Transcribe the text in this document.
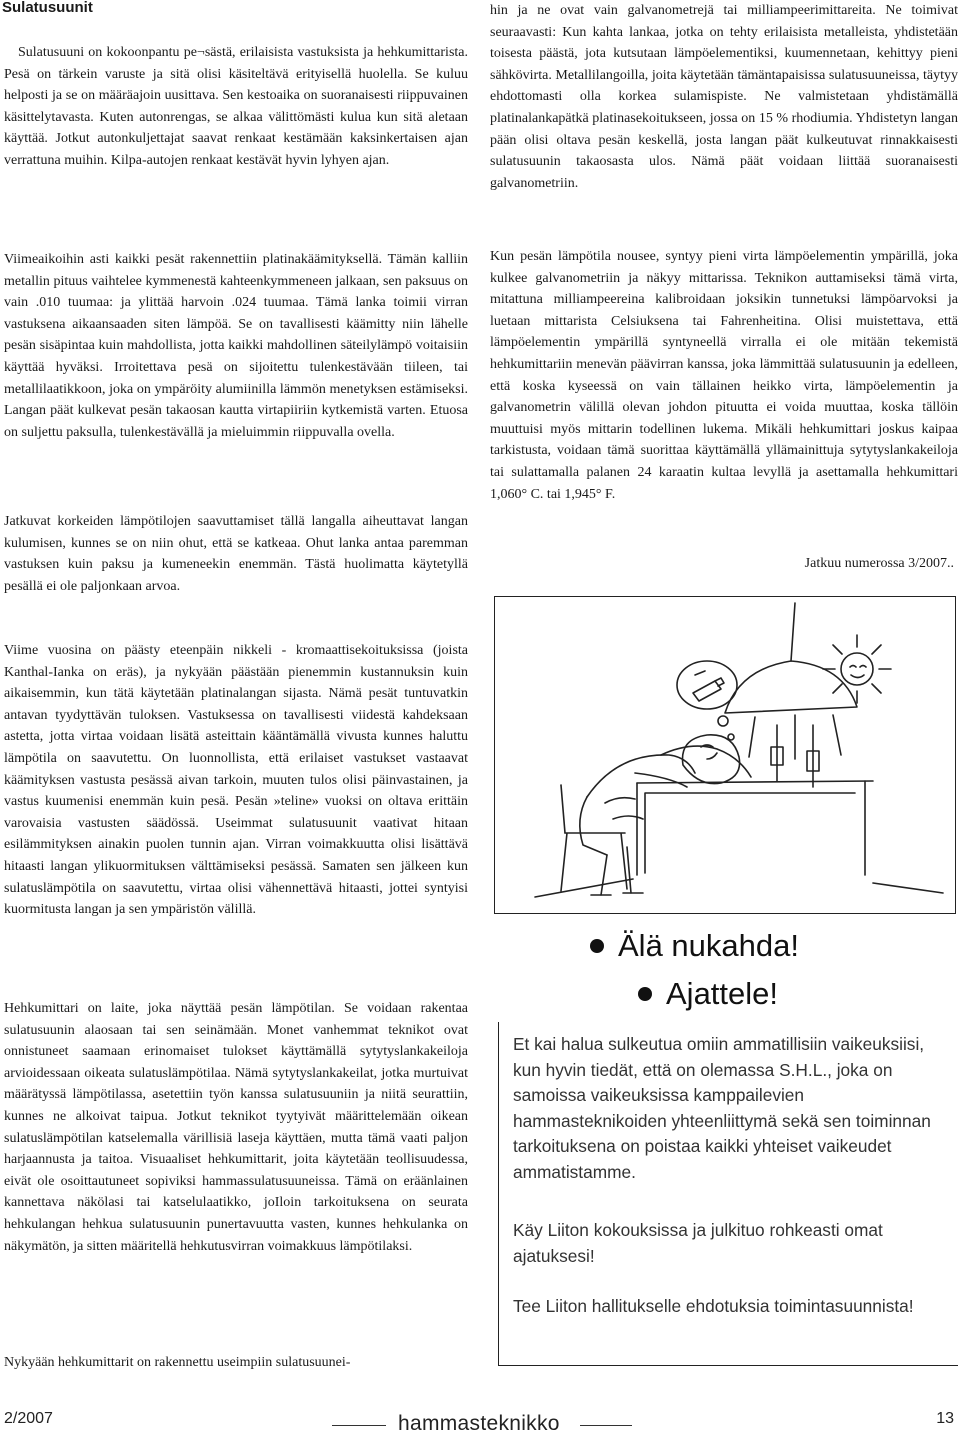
Sulatusuunit

Sulatusuuni on kokoonpantu pe¬sästä, erilaisista vastuksista ja hehkumittarista. Pesä on tärkein varuste ja sitä olisi käsiteltävä erityisellä huolella. Se kuluu helposti ja se on määräajoin uusittava. Sen kestoaika on suoranaisesti riippuvainen käsittelytavasta. Kuten autonrengas, se alkaa välittömästi kulua kun sitä aletaan käyttää. Jotkut autonkuljettajat saavat renkaat kestämään kaksinkertaisen ajan verrattuna muihin. Kilpa-autojen renkaat kestävät hyvin lyhyen ajan.

Viimeaikoihin asti kaikki pesät rakennettiin platinakäämityksellä. Tämän kalliin metallin pituus vaihtelee kymmenestä kahteenkymmeneen jalkaan, sen paksuus on vain .010 tuumaa: ja ylittää harvoin .024 tuumaa. Tämä lanka toimii virran vastuksena aikaansaaden siten lämpöä. Se on tavallisesti käämitty niin lähelle pesän sisäpintaa kuin mahdollista, jotta kaikki mahdollinen säteilylämpö voitaisiin käyttää hyväksi. Irroitettava pesä on sijoitettu tulenkestävään tiileen, tai metallilaatikkoon, joka on ympäröity alumiinilla lämmön menetyksen estämiseksi. Langan päät kulkevat pesän takaosan kautta virtapiiriin kytkemistä varten. Etuosa on suljettu paksulla, tulenkestävällä ja mieluimmin riippuvalla ovella.

Jatkuvat korkeiden lämpötilojen saavuttamiset tällä langalla aiheuttavat langan kulumisen, kunnes se on niin ohut, että se katkeaa. Ohut lanka antaa paremman vastuksen kuin paksu ja kumeneekin enemmän. Tästä huolimatta käytetyllä pesällä ei ole paljonkaan arvoa.

Viime vuosina on päästy eteenpäin nikkeli - kromaattisekoituksissa (joista Kanthal-Ianka on eräs), ja nykyään päästään pienemmin kustannuksin kuin aikaisemmin, kun tätä käytetään platinalangan sijasta. Nämä pesät tuntuvatkin antavan tyydyttävän tuloksen. Vastuksessa on tavallisesti viidestä kahdeksaan astetta, jotta virtaa voidaan lisätä asteittain kääntämällä vivusta kunnes haluttu lämpötila on saavutettu. On luonnollista, että erilaiset vastukset vastaavat käämityksen vastusta pesässä aivan tarkoin, muuten tulos olisi päinvastainen, ja vastus kuumenisi enemmän kuin pesä. Pesän »teline» vuoksi on oltava erittäin varovaisia vastusten säädössä. Useimmat sulatusuunit vaativat hitaan esilämmityksen ainakin puolen tunnin ajan. Virran voimakkuutta olisi lisättävä hitaasti langan ylikuormituksen välttämiseksi pesässä. Samaten sen jälkeen kun sulatuslämpötila on saavutettu, virtaa olisi vähennettävä hitaasti, jottei syntyisi kuormitusta langan ja sen ympäristön välillä.

Hehkumittari on laite, joka näyttää pesän lämpötilan. Se voidaan rakentaa sulatusuunin alaosaan tai sen seinämään. Monet vanhemmat teknikot ovat onnistuneet saamaan erinomaiset tulokset käyttämällä sytytyslankakeiloja arvioidessaan oikeata sulatuslämpötilaa. Nämä sytytyslankakeilat, jotka murtuivat määrätyssä lämpötilassa, asetettiin työn kanssa sulatusuuniin ja niitä seurattiin, kunnes ne alkoivat taipua. Jotkut teknikot tyytyivät määrittelemään oikean sulatuslämpötilan katselemalla värillisiä laseja käyttäen, mutta tämä vaati paljon harjaannusta ja taitoa. Visuaaliset hehkumittarit, joita käytetään teollisuudessa, eivät ole osoittautuneet sopiviksi hammassulatusuuneissa. Tämä on eräänlainen kannettava näkölasi tai katselulaatikko, joIloin tarkoituksena on seurata hehkulangan hehkua sulatusuunin punertavuutta vasten, kunnes hehkulanka on näkymätön, ja sitten määritellä hehkutusvirran voimakkuus lämpötilaksi.

Nykyään hehkumittarit on rakennettu useimpiin sulatusuunei-

hin ja ne ovat vain galvanometrejä tai milliampeerimittareita. Ne toimivat seuraavasti: Kun kahta lankaa, jotka on tehty erilaisista metalleista, yhdistetään toisesta päästä, jota kutsutaan lämpöelementiksi, kuumennetaan, kehittyy pieni sähkövirta. Metallilangoilla, joita käytetään tämäntapaisissa sulatusuuneissa, täytyy ehdottomasti olla korkea sulamispiste. Ne valmistetaan yhdistämällä platinalankapätkä platinasekoitukseen, jossa on 15 % rhodiumia. Yhdistetyn langan pään olisi oltava pesän keskellä, josta langan päät kulkeutuvat rinnakkaisesti sulatusuunin takaosasta ulos. Nämä päät voidaan liittää suoranaisesti galvanometriin.

Kun pesän lämpötila nousee, syntyy pieni virta lämpöelementin ympärillä, joka kulkee galvanometriin ja näkyy mittarissa. Teknikon auttamiseksi tämä virta, mitattuna milliampeereina kalibroidaan joksikin tunnetuksi lämpöarvoksi ja luetaan mittarista Celsiuksena tai Fahrenheitina. Olisi muistettava, että lämpöelementin ympärillä syntyneellä virralla ei ole mitään tekemistä hehkumittariin menevän päävirran kanssa, joka lämmittää sulatusuunin ja edelleen, että koska kyseessä on vain tällainen heikko virta, lämpöelementin ja galvanometrin välillä olevan johdon pituutta ei voida muuttaa, koska tällöin muuttuisi myös mittarin todellinen lukema. Mikäli hehkumittari joskus kaipaa tarkistusta, voidaan tämä suorittaa käyttämällä yllämainittuja sytytyslankakeiloja tai sulattamalla palanen 24 karaatin kultaa levyllä ja asettamalla hehkumittari 1,060° C. tai 1,945° F.

Jatkuu numerossa 3/2007..
Älä nukahda!
Ajattele!

Et kai halua sulkeutua omiin ammatillisiin vaikeuksiisi, kun hyvin tiedät, että on olemassa S.H.L., joka on samoissa vaikeuksissa kamppailevien hammasteknikoiden yhteenliittymä sekä sen toiminnan tarkoituksena on poistaa kaikki yhteiset vaikeudet ammatistamme.

Käy Liiton kokouksissa ja julkituo rohkeasti omat ajatuksesi!

Tee Liiton hallitukselle ehdotuksia toimintasuunnista!

2/2007	hammasteknikko	13
